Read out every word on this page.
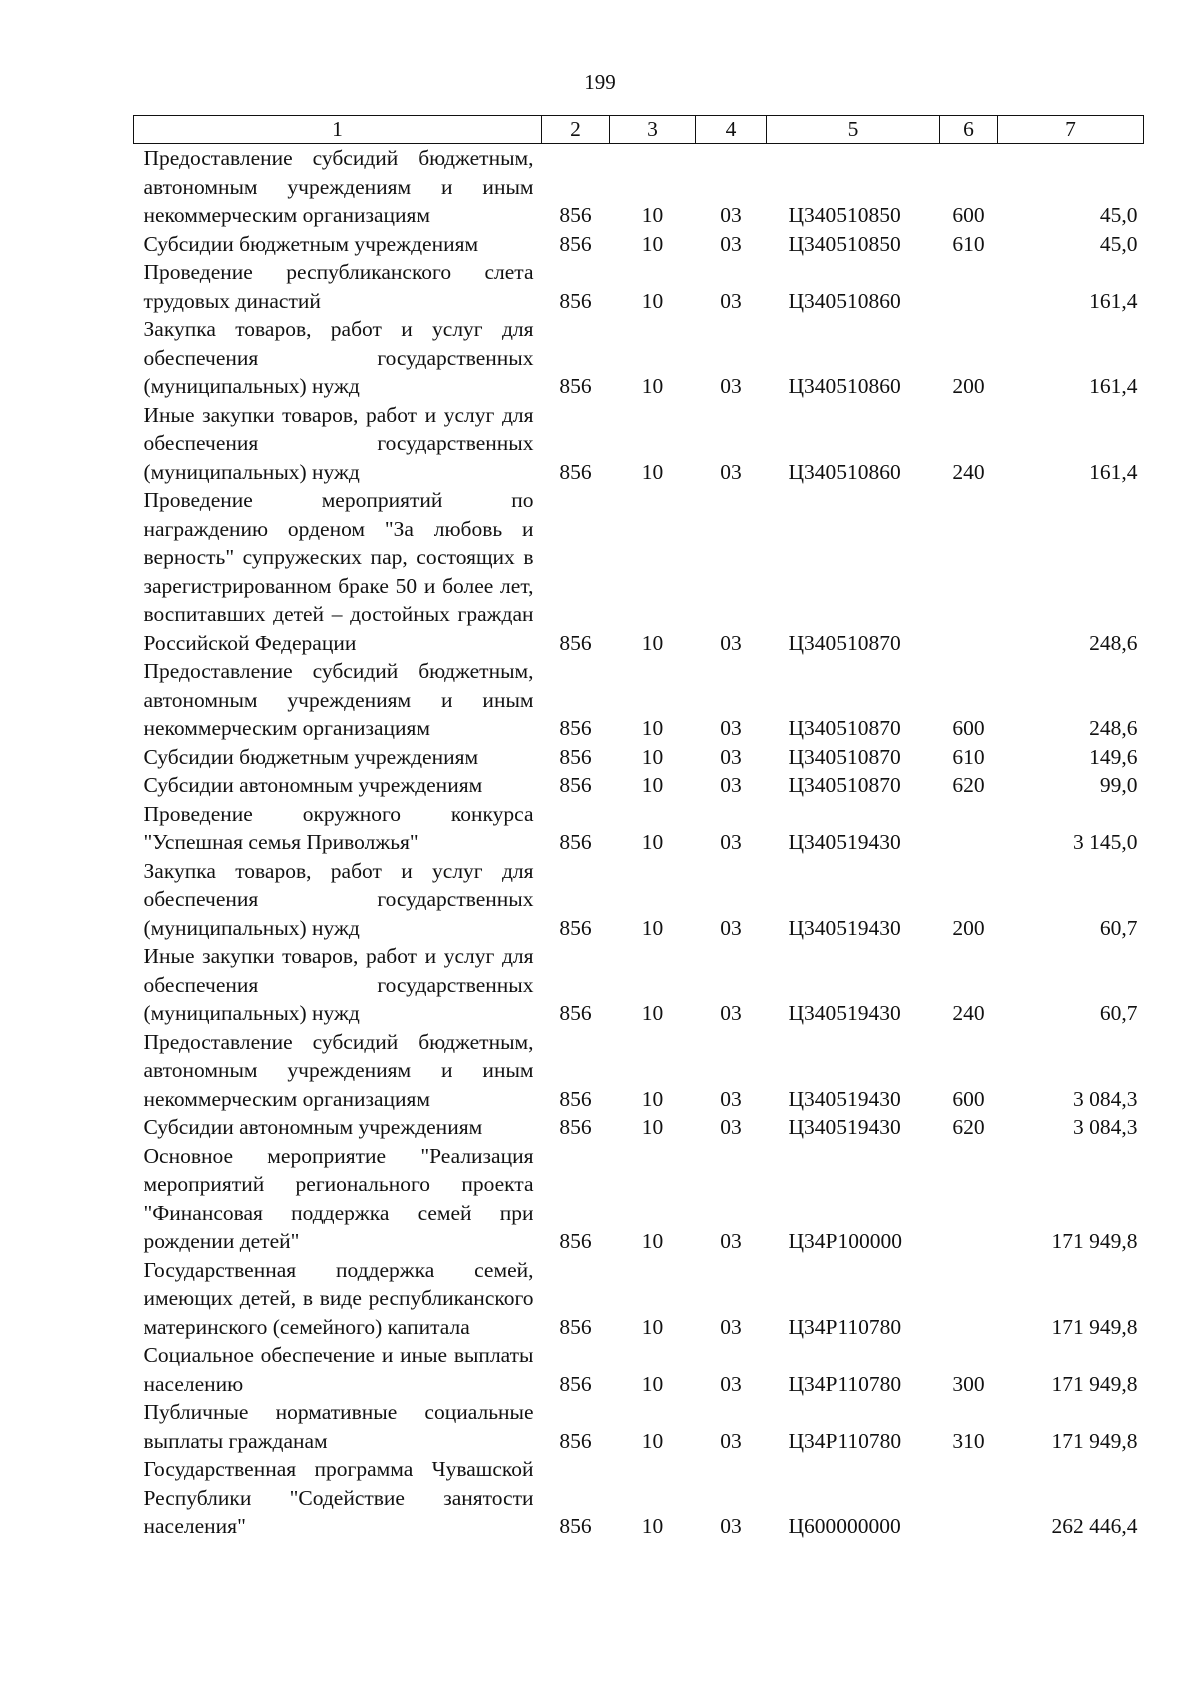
199
1	2	3	4	5	6	7
Предоставление субсидий бюджетным, автономным учреждениям и иным некоммерческим организациям	856	10	03	Ц340510850	600	45,0
Субсидии бюджетным учреждениям	856	10	03	Ц340510850	610	45,0
Проведение республиканского слета трудовых династий	856	10	03	Ц340510860		161,4
Закупка товаров, работ и услуг для обеспечения государственных (муниципальных) нужд	856	10	03	Ц340510860	200	161,4
Иные закупки товаров, работ и услуг для обеспечения государственных (муниципальных) нужд	856	10	03	Ц340510860	240	161,4
Проведение мероприятий по награждению орденом "За любовь и верность" супружеских пар, состоящих в зарегистрированном браке 50 и более лет, воспитавших детей – достойных граждан Российской Федерации	856	10	03	Ц340510870		248,6
Предоставление субсидий бюджетным, автономным учреждениям и иным некоммерческим организациям	856	10	03	Ц340510870	600	248,6
Субсидии бюджетным учреждениям	856	10	03	Ц340510870	610	149,6
Субсидии автономным учреждениям	856	10	03	Ц340510870	620	99,0
Проведение окружного конкурса "Успешная семья Приволжья"	856	10	03	Ц340519430		3 145,0
Закупка товаров, работ и услуг для обеспечения государственных (муниципальных) нужд	856	10	03	Ц340519430	200	60,7
Иные закупки товаров, работ и услуг для обеспечения государственных (муниципальных) нужд	856	10	03	Ц340519430	240	60,7
Предоставление субсидий бюджетным, автономным учреждениям и иным некоммерческим организациям	856	10	03	Ц340519430	600	3 084,3
Субсидии автономным учреждениям	856	10	03	Ц340519430	620	3 084,3
Основное мероприятие "Реализация мероприятий регионального проекта "Финансовая поддержка семей при рождении детей"	856	10	03	Ц34P100000		171 949,8
Государственная поддержка семей, имеющих детей, в виде республиканского материнского (семейного) капитала	856	10	03	Ц34P110780		171 949,8
Социальное обеспечение и иные выплаты населению	856	10	03	Ц34P110780	300	171 949,8
Публичные нормативные социальные выплаты гражданам	856	10	03	Ц34P110780	310	171 949,8
Государственная программа Чувашской Республики "Содействие занятости населения"	856	10	03	Ц600000000		262 446,4
